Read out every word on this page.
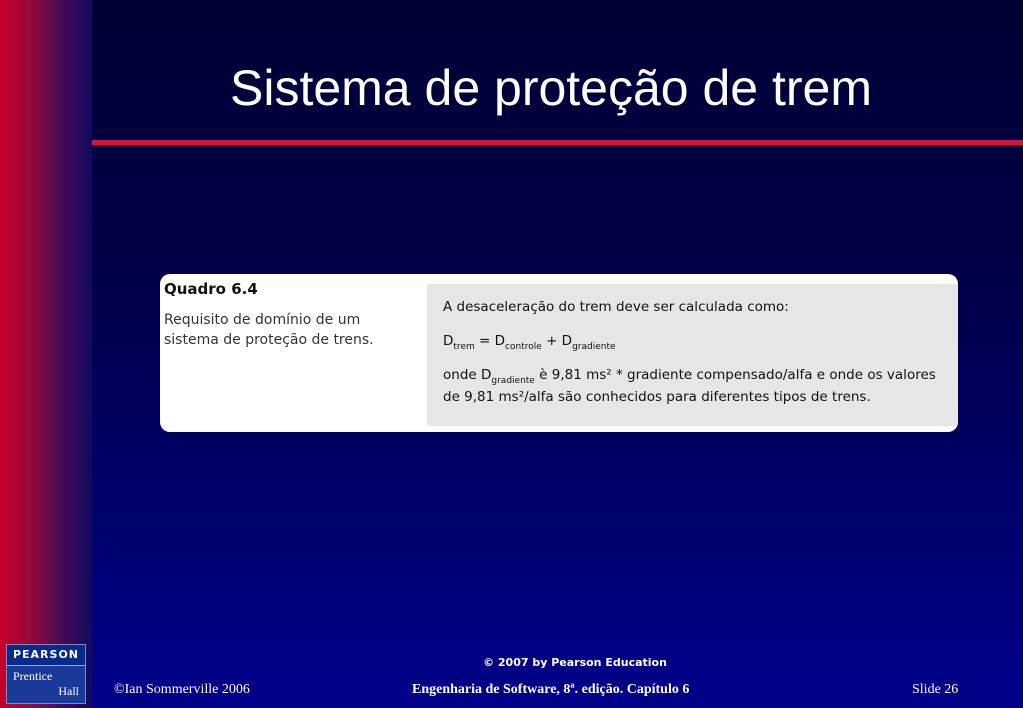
Sistema de proteção de trem
Quadro 6.4
Requisito de domínio de um sistema de proteção de trens.

A desaceleração do trem deve ser calculada como:

$D_{trem} = D_{controle} + D_{gradiente}$

onde $D_{gradiente}$ è 9,81 ms² * gradiente compensado/alfa e onde os valores

de 9,81 ms²/alfa são conhecidos para diferentes tipos de trens.

© 2007 by Pearson Education
PEARSON
Prentice
Hall	©Ian Sommerville 2006	Engenharia de Software, 8ª. edição. Capítulo 6	Slide 26
